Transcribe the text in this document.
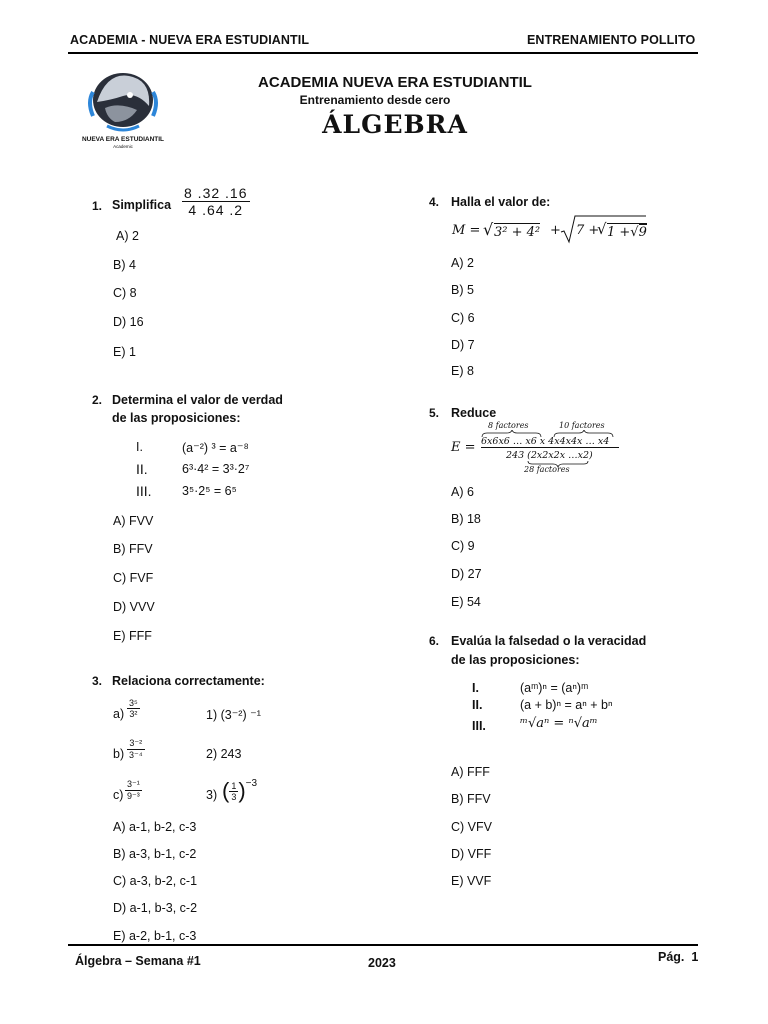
ACADEMIA - NUEVA ERA ESTUDIANTIL	ENTRENAMIENTO POLLITO
NUEVA ERA ESTUDIANTIL
Academic
ACADEMIA NUEVA ERA ESTUDIANTIL
Entrenamiento desde cero
ÁLGEBRA
1. Simplifica $\frac{8 .32 .16}{4 .64 .2}$
A) 2
B) 4
C) 8
D) 16
E) 1
2. Determina el valor de verdad
de las proposiciones:
I.	(a⁻²) ³ = a⁻⁸
II.	6³·4² = 3³·2⁷
III. 3⁵·2⁵ = 6⁵
A) FVV
B) FFV
C) FVF
D) VVV
E) FFF
3. Relaciona correctamente:
$a) \frac{\text{3⁵}}{\text{3²}}$	1) (3⁻²) ⁻¹
$b) \frac{\text{3⁻²}}{\text{3⁻⁴}}$	2) 243
$c) \frac{\text{3⁻¹}}{\text{9⁻³}}$	3) ( $\frac{1}{3} )^{-3}$
A) a-1, b-2, c-3
B) a-3, b-1, c-2
C) a-3, b-2, c-1
D) a-1, b-3, c-2
E) a-2, b-1, c-3
4. Halla el valor de:
M = √ 3² + 4² + 7 +
√ 1 +√9
A) 2
B) 5
C) 6
D) 7
E) 8
5. Reduce
8 factores	10 factores
E = 6x6x6 … x6 x 4x4x4x … x4
243 (2x2x2x …x2)
28 factores
A) 6
B) 18
C) 9
D) 27
E) 54
6. Evalúa la falsedad o la veracidad
de las proposiciones:
I.	(aᵐ)ⁿ = (aⁿ)ᵐ
II.	(a + b)ⁿ = aⁿ + bⁿ
III.	ᵐ√aⁿ = ⁿ√aᵐ
A) FFF
B) FFV
C) VFV
D) VFF
E) VVF
Álgebra – Semana #1	2023	Pág.  1
